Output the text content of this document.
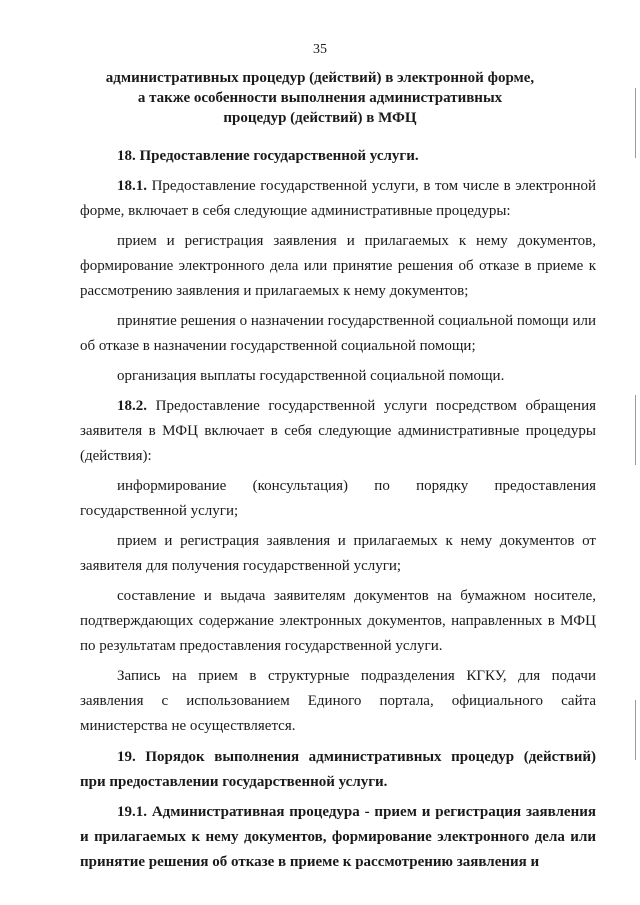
35
административных процедур (действий) в электронной форме,
а также особенности выполнения административных
процедур (действий) в МФЦ

18. Предоставление государственной услуги.

18.1. Предоставление государственной услуги, в том числе в электронной форме, включает в себя следующие административные процедуры:

прием и регистрация заявления и прилагаемых к нему документов, формирование электронного дела или принятие решения об отказе в приеме к рассмотрению заявления и прилагаемых к нему документов;

принятие решения о назначении государственной социальной помощи или об отказе в назначении государственной социальной помощи;

организация выплаты государственной социальной помощи.

18.2. Предоставление государственной услуги посредством обращения заявителя в МФЦ включает в себя следующие административные процедуры (действия):

информирование (консультация) по порядку предоставления государственной услуги;

прием и регистрация заявления и прилагаемых к нему документов от заявителя для получения государственной услуги;

составление и выдача заявителям документов на бумажном носителе, подтверждающих содержание электронных документов, направленных в МФЦ по результатам предоставления государственной услуги.

Запись на прием в структурные подразделения КГКУ, для подачи заявления с использованием Единого портала, официального сайта министерства не осуществляется.

19. Порядок выполнения административных процедур (действий) при предоставлении государственной услуги.

19.1. Административная процедура - прием и регистрация заявления и прилагаемых к нему документов, формирование электронного дела или принятие решения об отказе в приеме к рассмотрению заявления и
